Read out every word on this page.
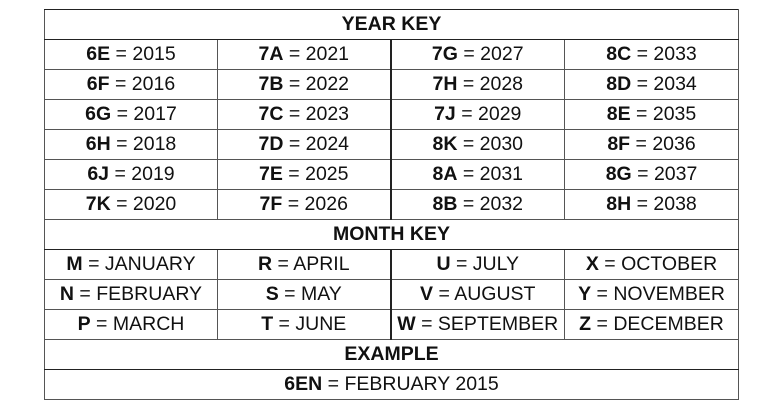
YEAR KEY			
6E = 2015	7A = 2021	7G = 2027	8C = 2033
6F = 2016	7B = 2022	7H = 2028	8D = 2034
6G = 2017	7C = 2023	7J = 2029	8E = 2035
6H = 2018	7D = 2024	8K = 2030	8F = 2036
6J = 2019	7E = 2025	8A = 2031	8G = 2037
7K = 2020	7F = 2026	8B = 2032	8H = 2038
MONTH KEY			
M = JANUARY	R = APRIL	U = JULY	X = OCTOBER
N = FEBRUARY	S = MAY	V = AUGUST	Y = NOVEMBER
P = MARCH	T = JUNE	W = SEPTEMBER	Z = DECEMBER
EXAMPLE			
6EN = FEBRUARY 2015			
